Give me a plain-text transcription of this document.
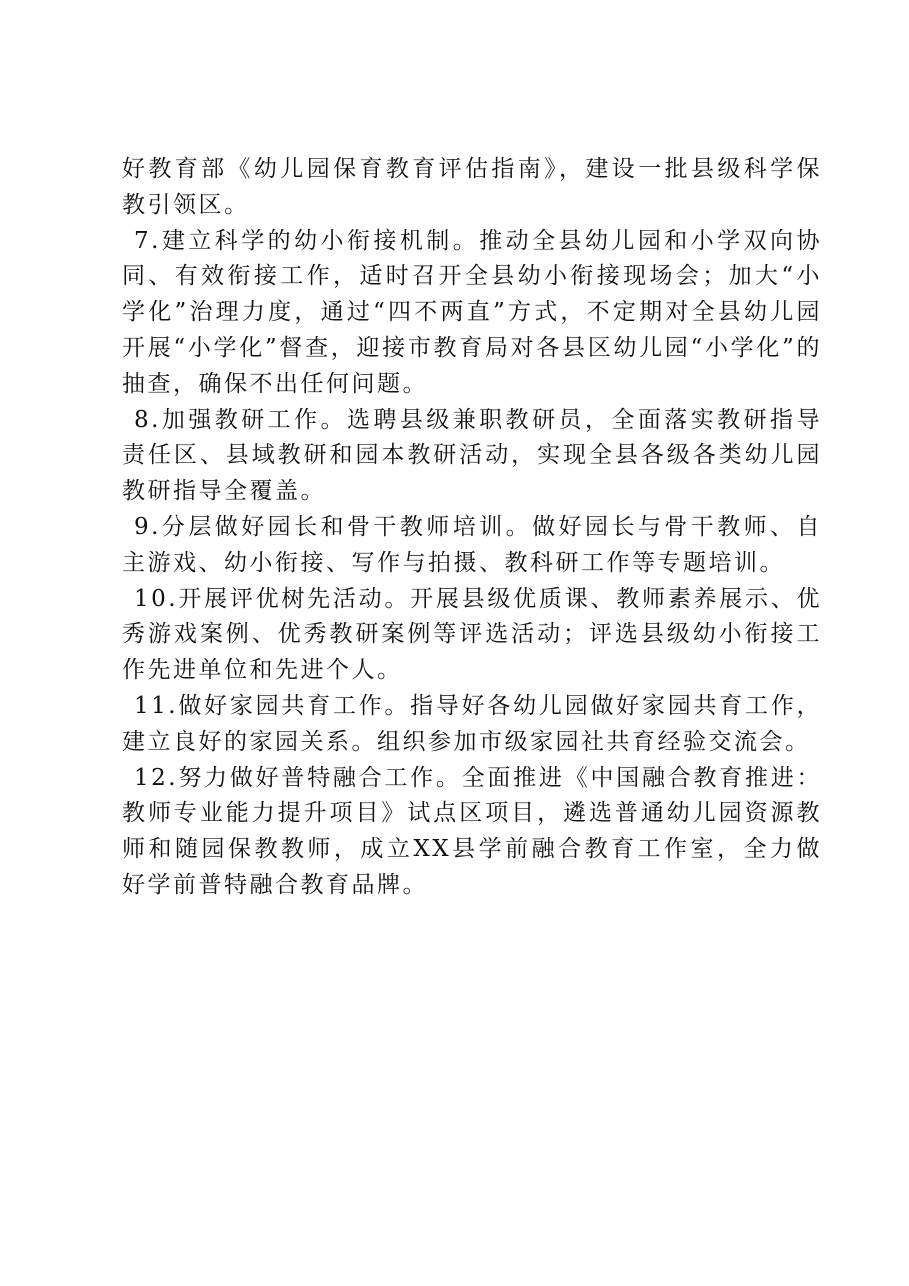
好教育部《幼儿园保育教育评估指南》，建设一批县级科学保教引领区。

7.建立科学的幼小衔接机制。推动全县幼儿园和小学双向协同、有效衔接工作，适时召开全县幼小衔接现场会；加大“小学化”治理力度，通过“四不两直”方式，不定期对全县幼儿园开展“小学化”督查，迎接市教育局对各县区幼儿园“小学化”的抽查，确保不出任何问题。

8.加强教研工作。选聘县级兼职教研员，全面落实教研指导责任区、县域教研和园本教研活动，实现全县各级各类幼儿园教研指导全覆盖。

9.分层做好园长和骨干教师培训。做好园长与骨干教师、自主游戏、幼小衔接、写作与拍摄、教科研工作等专题培训。

10.开展评优树先活动。开展县级优质课、教师素养展示、优秀游戏案例、优秀教研案例等评选活动；评选县级幼小衔接工作先进单位和先进个人。

11.做好家园共育工作。指导好各幼儿园做好家园共育工作，建立良好的家园关系。组织参加市级家园社共育经验交流会。

12.努力做好普特融合工作。全面推进《中国融合教育推进：教师专业能力提升项目》试点区项目，遴选普通幼儿园资源教师和随园保教教师，成立XX县学前融合教育工作室，全力做好学前普特融合教育品牌。
